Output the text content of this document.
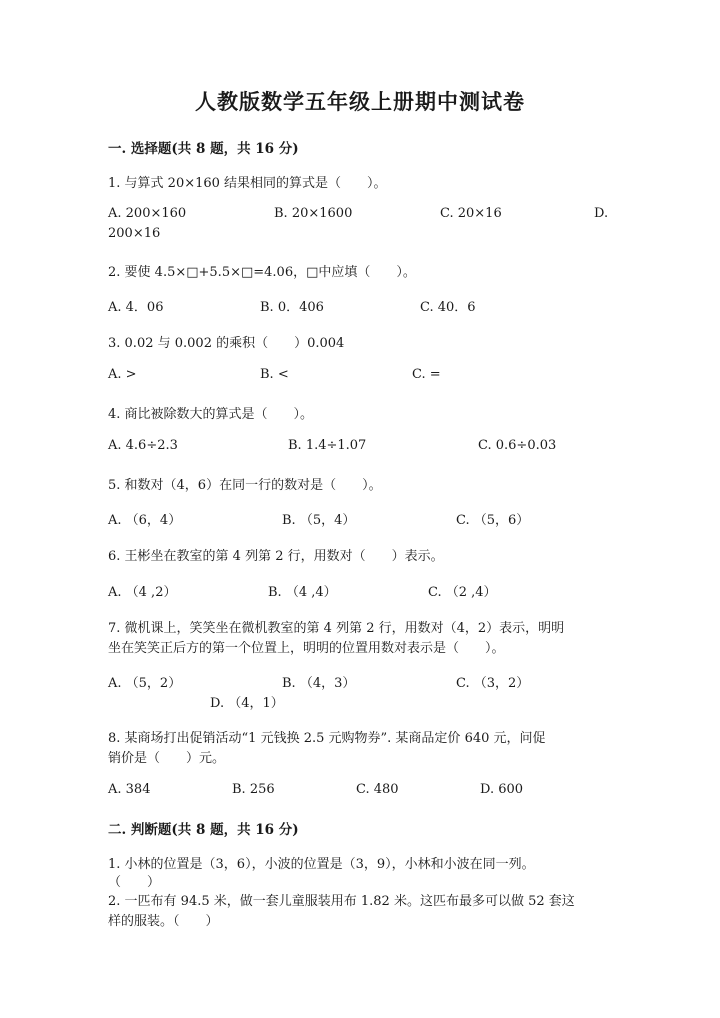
人教版数学五年级上册期中测试卷
一. 选择题(共 8 题，共 16 分)
1. 与算式 20×160 结果相同的算式是（　　）。
A. 200×160	B. 20×1600	C. 20×16	D.
200×16
2. 要使 4.5×□+5.5×□=4.06，□中应填（　　）。
A. 4．06	B. 0．406	C. 40．6
3. 0.02 与 0.002 的乘积（　　）0.004
A. >	B. <	C. =
4. 商比被除数大的算式是（　　）。
A. 4.6÷2.3	B. 1.4÷1.07	C. 0.6÷0.03
5. 和数对（4，6）在同一行的数对是（　　）。
A. （6，4）	B. （5，4）	C. （5，6）
6. 王彬坐在教室的第 4 列第 2 行，用数对（　　）表示。
A. （4 ,2）	B. （4 ,4）	C. （2 ,4）
7. 微机课上，笑笑坐在微机教室的第 4 列第 2 行，用数对（4，2）表示，明明
坐在笑笑正后方的第一个位置上，明明的位置用数对表示是（　　）。
A. （5，2）	B. （4，3）	C. （3，2）
D. （4，1）
8. 某商场打出促销活动“1 元钱换 2.5 元购物券”. 某商品定价 640 元，问促
销价是（　　）元。
A. 384	B. 256	C. 480	D. 600
二. 判断题(共 8 题，共 16 分)
1. 小林的位置是（3，6），小波的位置是（3，9），小林和小波在同一列。
（　　）
2. 一匹布有 94.5 米，做一套儿童服装用布 1.82 米。这匹布最多可以做 52 套这
样的服装。（　　）
